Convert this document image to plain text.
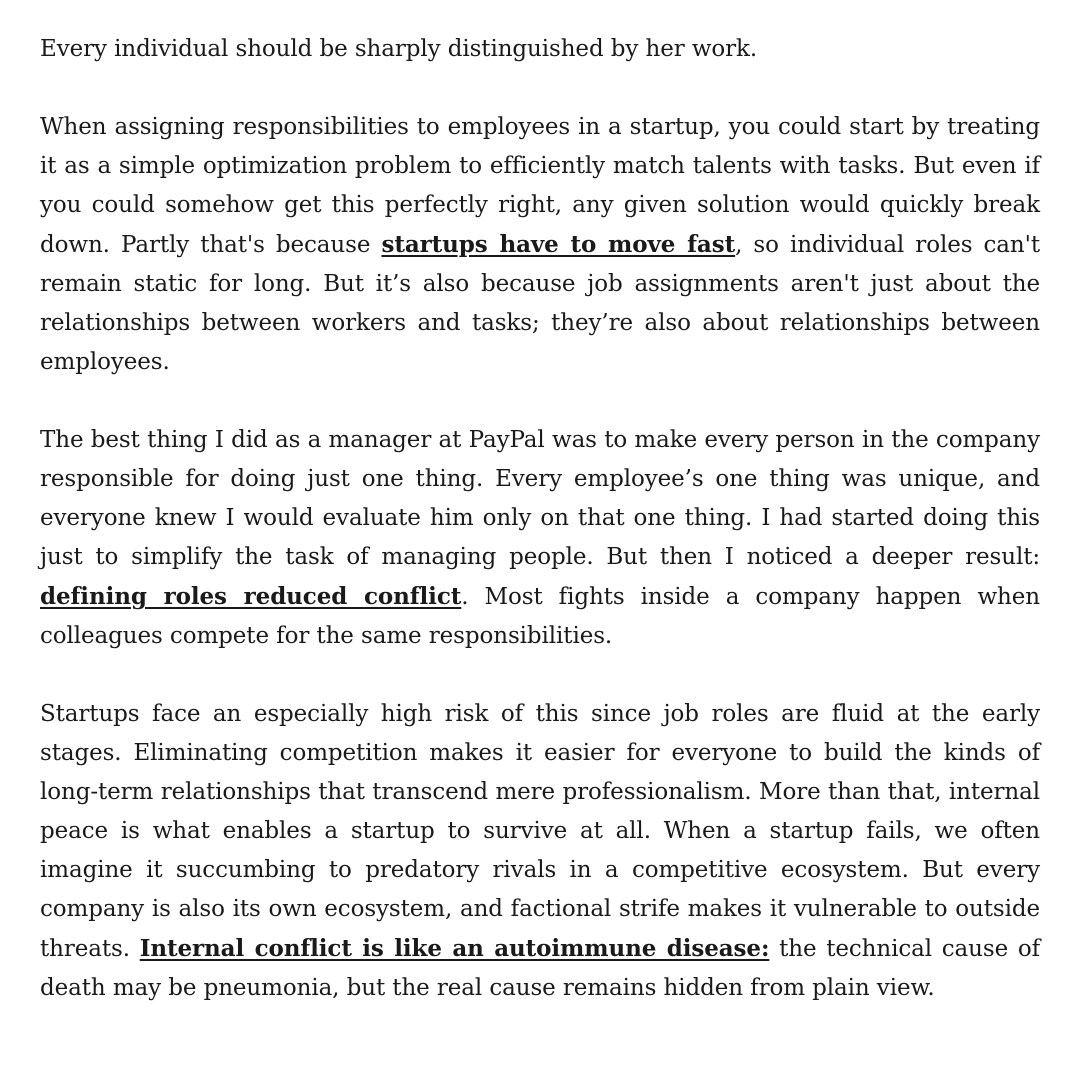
Every individual should be sharply distinguished by her work.

When assigning responsibilities to employees in a startup, you could start by treating it as a simple optimization problem to efficiently match talents with tasks. But even if you could somehow get this perfectly right, any given solution would quickly break down. Partly that's because startups have to move fast, so individual roles can't remain static for long. But it’s also because job assignments aren't just about the relationships between workers and tasks; they’re also about relationships between employees.

The best thing I did as a manager at PayPal was to make every person in the company responsible for doing just one thing. Every employee’s one thing was unique, and everyone knew I would evaluate him only on that one thing. I had started doing this just to simplify the task of managing people. But then I noticed a deeper result: defining roles reduced conflict. Most fights inside a company happen when colleagues compete for the same responsibilities.

Startups face an especially high risk of this since job roles are fluid at the early stages. Eliminating competition makes it easier for everyone to build the kinds of long-term relationships that transcend mere professionalism. More than that, internal peace is what enables a startup to survive at all. When a startup fails, we often imagine it succumbing to predatory rivals in a competitive ecosystem. But every company is also its own ecosystem, and factional strife makes it vulnerable to outside threats. Internal conflict is like an autoimmune disease: the technical cause of death may be pneumonia, but the real cause remains hidden from plain view.
